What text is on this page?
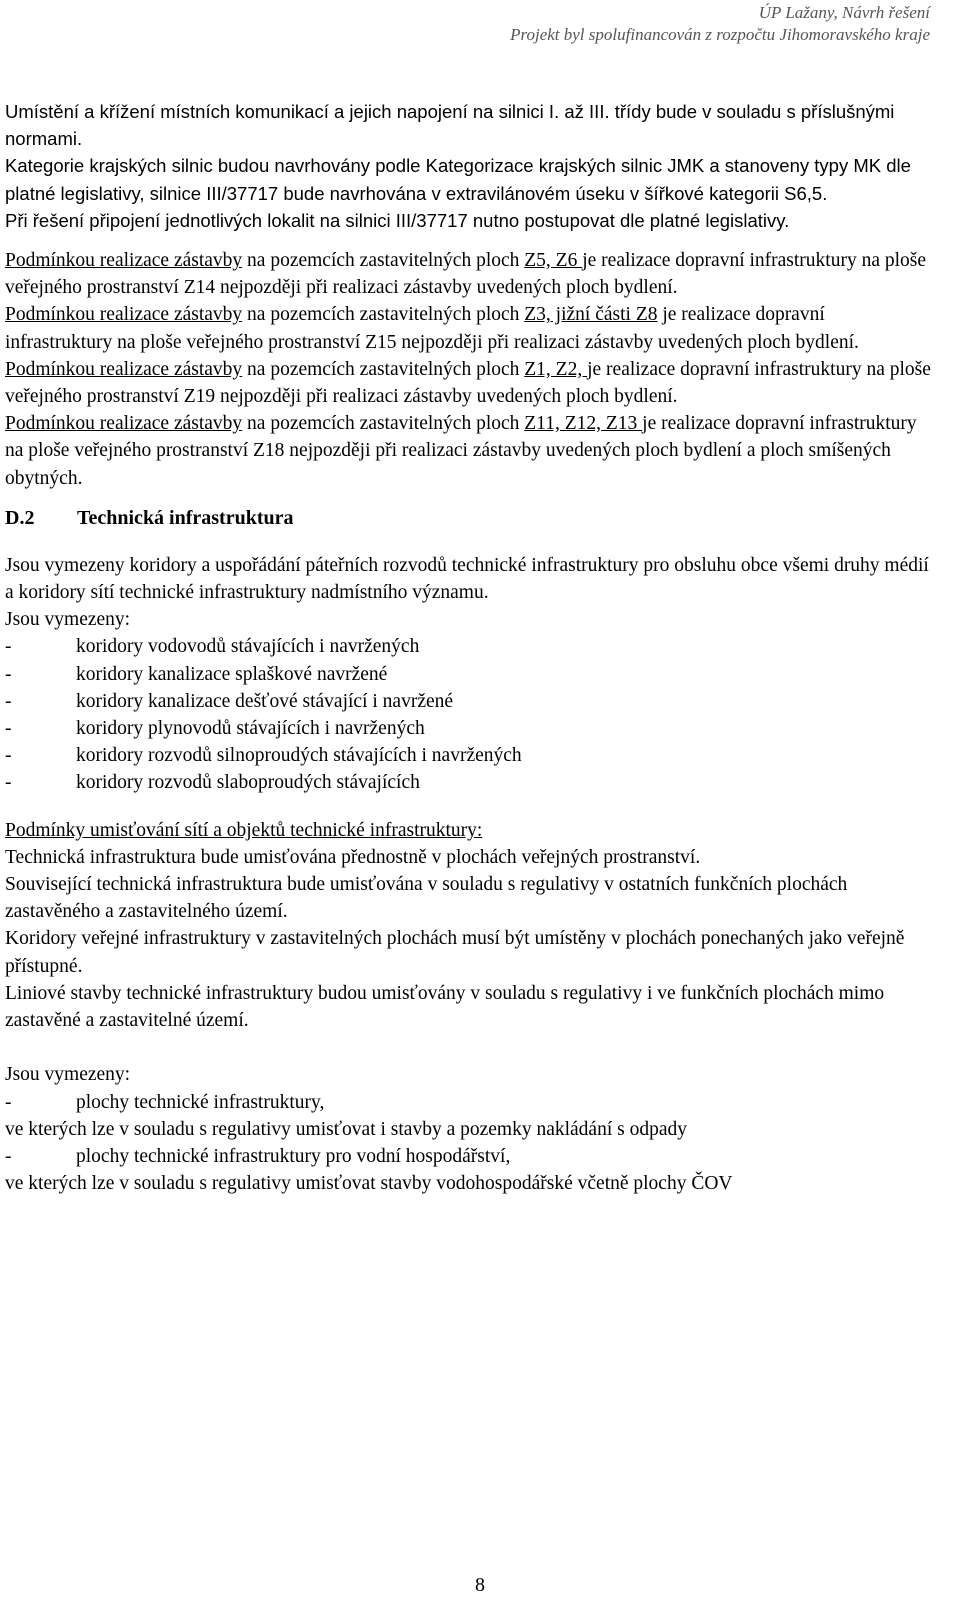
ÚP Lažany, Návrh řešení
Projekt byl spolufinancován z rozpočtu Jihomoravského kraje

Umístění a křížení místních komunikací a jejich napojení na silnici I. až III. třídy bude v souladu s příslušnými normami.

Kategorie krajských silnic budou navrhovány podle Kategorizace krajských silnic JMK a stanoveny typy MK dle platné legislativy, silnice III/37717 bude navrhována v extravilánovém úseku v šířkové kategorii S6,5.

Při řešení připojení jednotlivých lokalit na silnici III/37717 nutno postupovat dle platné legislativy.

Podmínkou realizace zástavby na pozemcích zastavitelných ploch Z5, Z6 je realizace dopravní infrastruktury na ploše veřejného prostranství Z14 nejpozději při realizaci zástavby uvedených ploch bydlení.

Podmínkou realizace zástavby na pozemcích zastavitelných ploch Z3, jižní části Z8 je realizace dopravní infrastruktury na ploše veřejného prostranství Z15 nejpozději při realizaci zástavby uvedených ploch bydlení.

Podmínkou realizace zástavby na pozemcích zastavitelných ploch Z1, Z2, je realizace dopravní infrastruktury na ploše veřejného prostranství Z19 nejpozději při realizaci zástavby uvedených ploch bydlení.

Podmínkou realizace zástavby na pozemcích zastavitelných ploch Z11, Z12, Z13 je realizace dopravní infrastruktury na ploše veřejného prostranství Z18 nejpozději při realizaci zástavby uvedených ploch bydlení a ploch smíšených obytných.

D.2 Technická infrastruktura

Jsou vymezeny koridory a uspořádání páteřních rozvodů technické infrastruktury pro obsluhu obce všemi druhy médií a koridory sítí technické infrastruktury nadmístního významu.

Jsou vymezeny:

-	koridory vodovodů stávajících i navržených
-	koridory kanalizace splaškové navržené
-	koridory kanalizace dešťové stávající i navržené
-	koridory plynovodů stávajících i navržených
-	koridory rozvodů silnoproudých stávajících i navržených
-	koridory rozvodů slaboproudých stávajících

Podmínky umisťování sítí a objektů technické infrastruktury:

Technická infrastruktura bude umisťována přednostně v plochách veřejných prostranství.

Související technická infrastruktura bude umisťována v souladu s regulativy v ostatních funkčních plochách zastavěného a zastavitelného území.

Koridory veřejné infrastruktury v zastavitelných plochách musí být umístěny v plochách ponechaných jako veřejně přístupné.

Liniové stavby technické infrastruktury budou umisťovány v souladu s regulativy i ve funkčních plochách mimo zastavěné a zastavitelné území.

Jsou vymezeny:

-	plochy technické infrastruktury,

ve kterých lze v souladu s regulativy umisťovat i stavby a pozemky nakládání s odpady

-	plochy technické infrastruktury pro vodní hospodářství,

ve kterých lze v souladu s regulativy umisťovat stavby vodohospodářské včetně plochy ČOV

8
